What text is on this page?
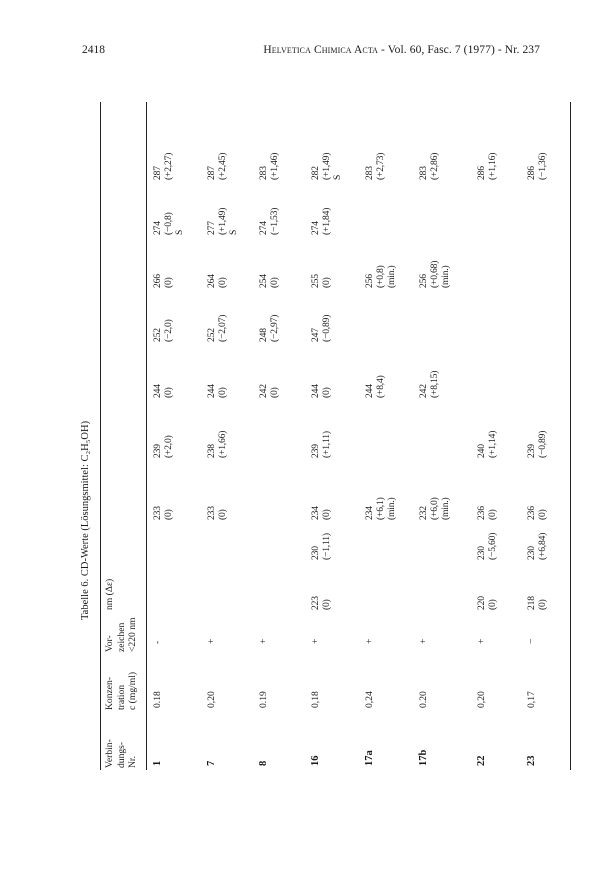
2418	Helvetica Chimica Acta - Vol. 60, Fasc. 7 (1977) - Nr. 237
Tabelle 6. CD-Werte (Lösungsmittel: C₂H₅OH)
Verbin- dungs- Nr.
Konzen- tration c (mg/ml)
Vor- zeichen <220 nm
nm (Δε)
1
0.18
-
233 (0)
239 (+2,0)
244 (0)
252 (−2,0)
266 (0)
274 (−0,8) S
287 (+2,27)
7
0,20
+
233 (0)
238 (+1,66)
244 (0)
252 (−2,07)
264 (0)
277 (+1,49) S
287 (+2,45)
8
0.19
+
242 (0)
248 (−2,97)
254 (0)
274 (−1,53)
283 (+1,46)
16
0,18
+
223 (0)
230 (−1,11)
234 (0)
239 (+1,11)
244 (0)
247 (−0,89)
255 (0)
274 (+1,84)
282 (+1,49) S
17a
0,24
+
234 (+6,1) (min.)
244 (+8,4)
256 (+0,8) (min.)
283 (+2,73)
17b
0.20
+
232 (+6,0) (min.)
242 (+8,15)
256 (+0,68) (min.)
283 (+2,86)
22
0,20
+
220 (0)
230 (−5,60)
236 (0)
240 (+1,14)
286 (+1,16)
23
0,17
−
218 (0)
230 (+6,84)
236 (0)
239 (−0,89)
286 (−1,36)
